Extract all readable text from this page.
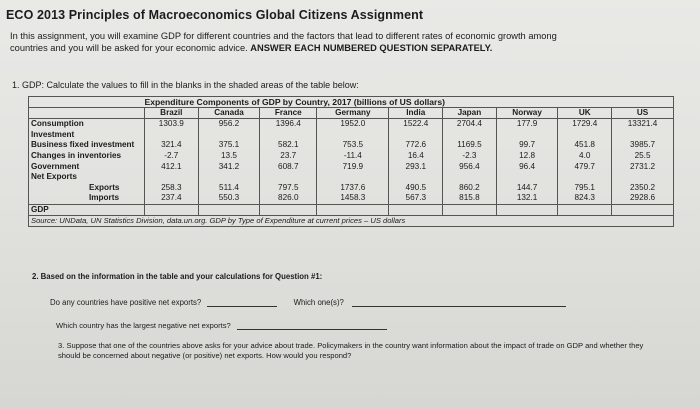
ECO 2013 Principles of Macroeconomics Global Citizens Assignment
In this assignment, you will examine GDP for different countries and the factors that lead to different rates of economic growth among
countries and you will be asked for your economic advice. ANSWER EACH NUMBERED QUESTION SEPARATELY.
1. GDP: Calculate the values to fill in the blanks in the shaded areas of the table below:
	Expenditure Components of GDP by Country, 2017 (billions of US dollars)								
	Brazil	Canada	France	Germany	India	Japan	Norway	UK	US
Consumption	1303.9	956.2	1396.4	1952.0	1522.4	2704.4	177.9	1729.4	13321.4
Investment									
Business fixed investment	321.4	375.1	582.1	753.5	772.6	1169.5	99.7	451.8	3985.7
Changes in inventories	-2.7	13.5	23.7	-11.4	16.4	-2.3	12.8	4.0	25.5
Government	412.1	341.2	608.7	719.9	293.1	956.4	96.4	479.7	2731.2
Net Exports									
Exports	258.3	511.4	797.5	1737.6	490.5	860.2	144.7	795.1	2350.2
Imports	237.4	550.3	826.0	1458.3	567.3	815.8	132.1	824.3	2928.6
GDP									
Source: UNData, UN Statistics Division, data.un.org. GDP by Type of Expenditure at current prices – US dollars									
2. Based on the information in the table and your calculations for Question #1:
Do any countries have positive net exports?	Which one(s)?
Which country has the largest negative net exports?
3. Suppose that one of the countries above asks for your advice about trade. Policymakers in the country want information about the impact of trade on GDP and whether they should be concerned about negative (or positive) net exports. How would you respond?
